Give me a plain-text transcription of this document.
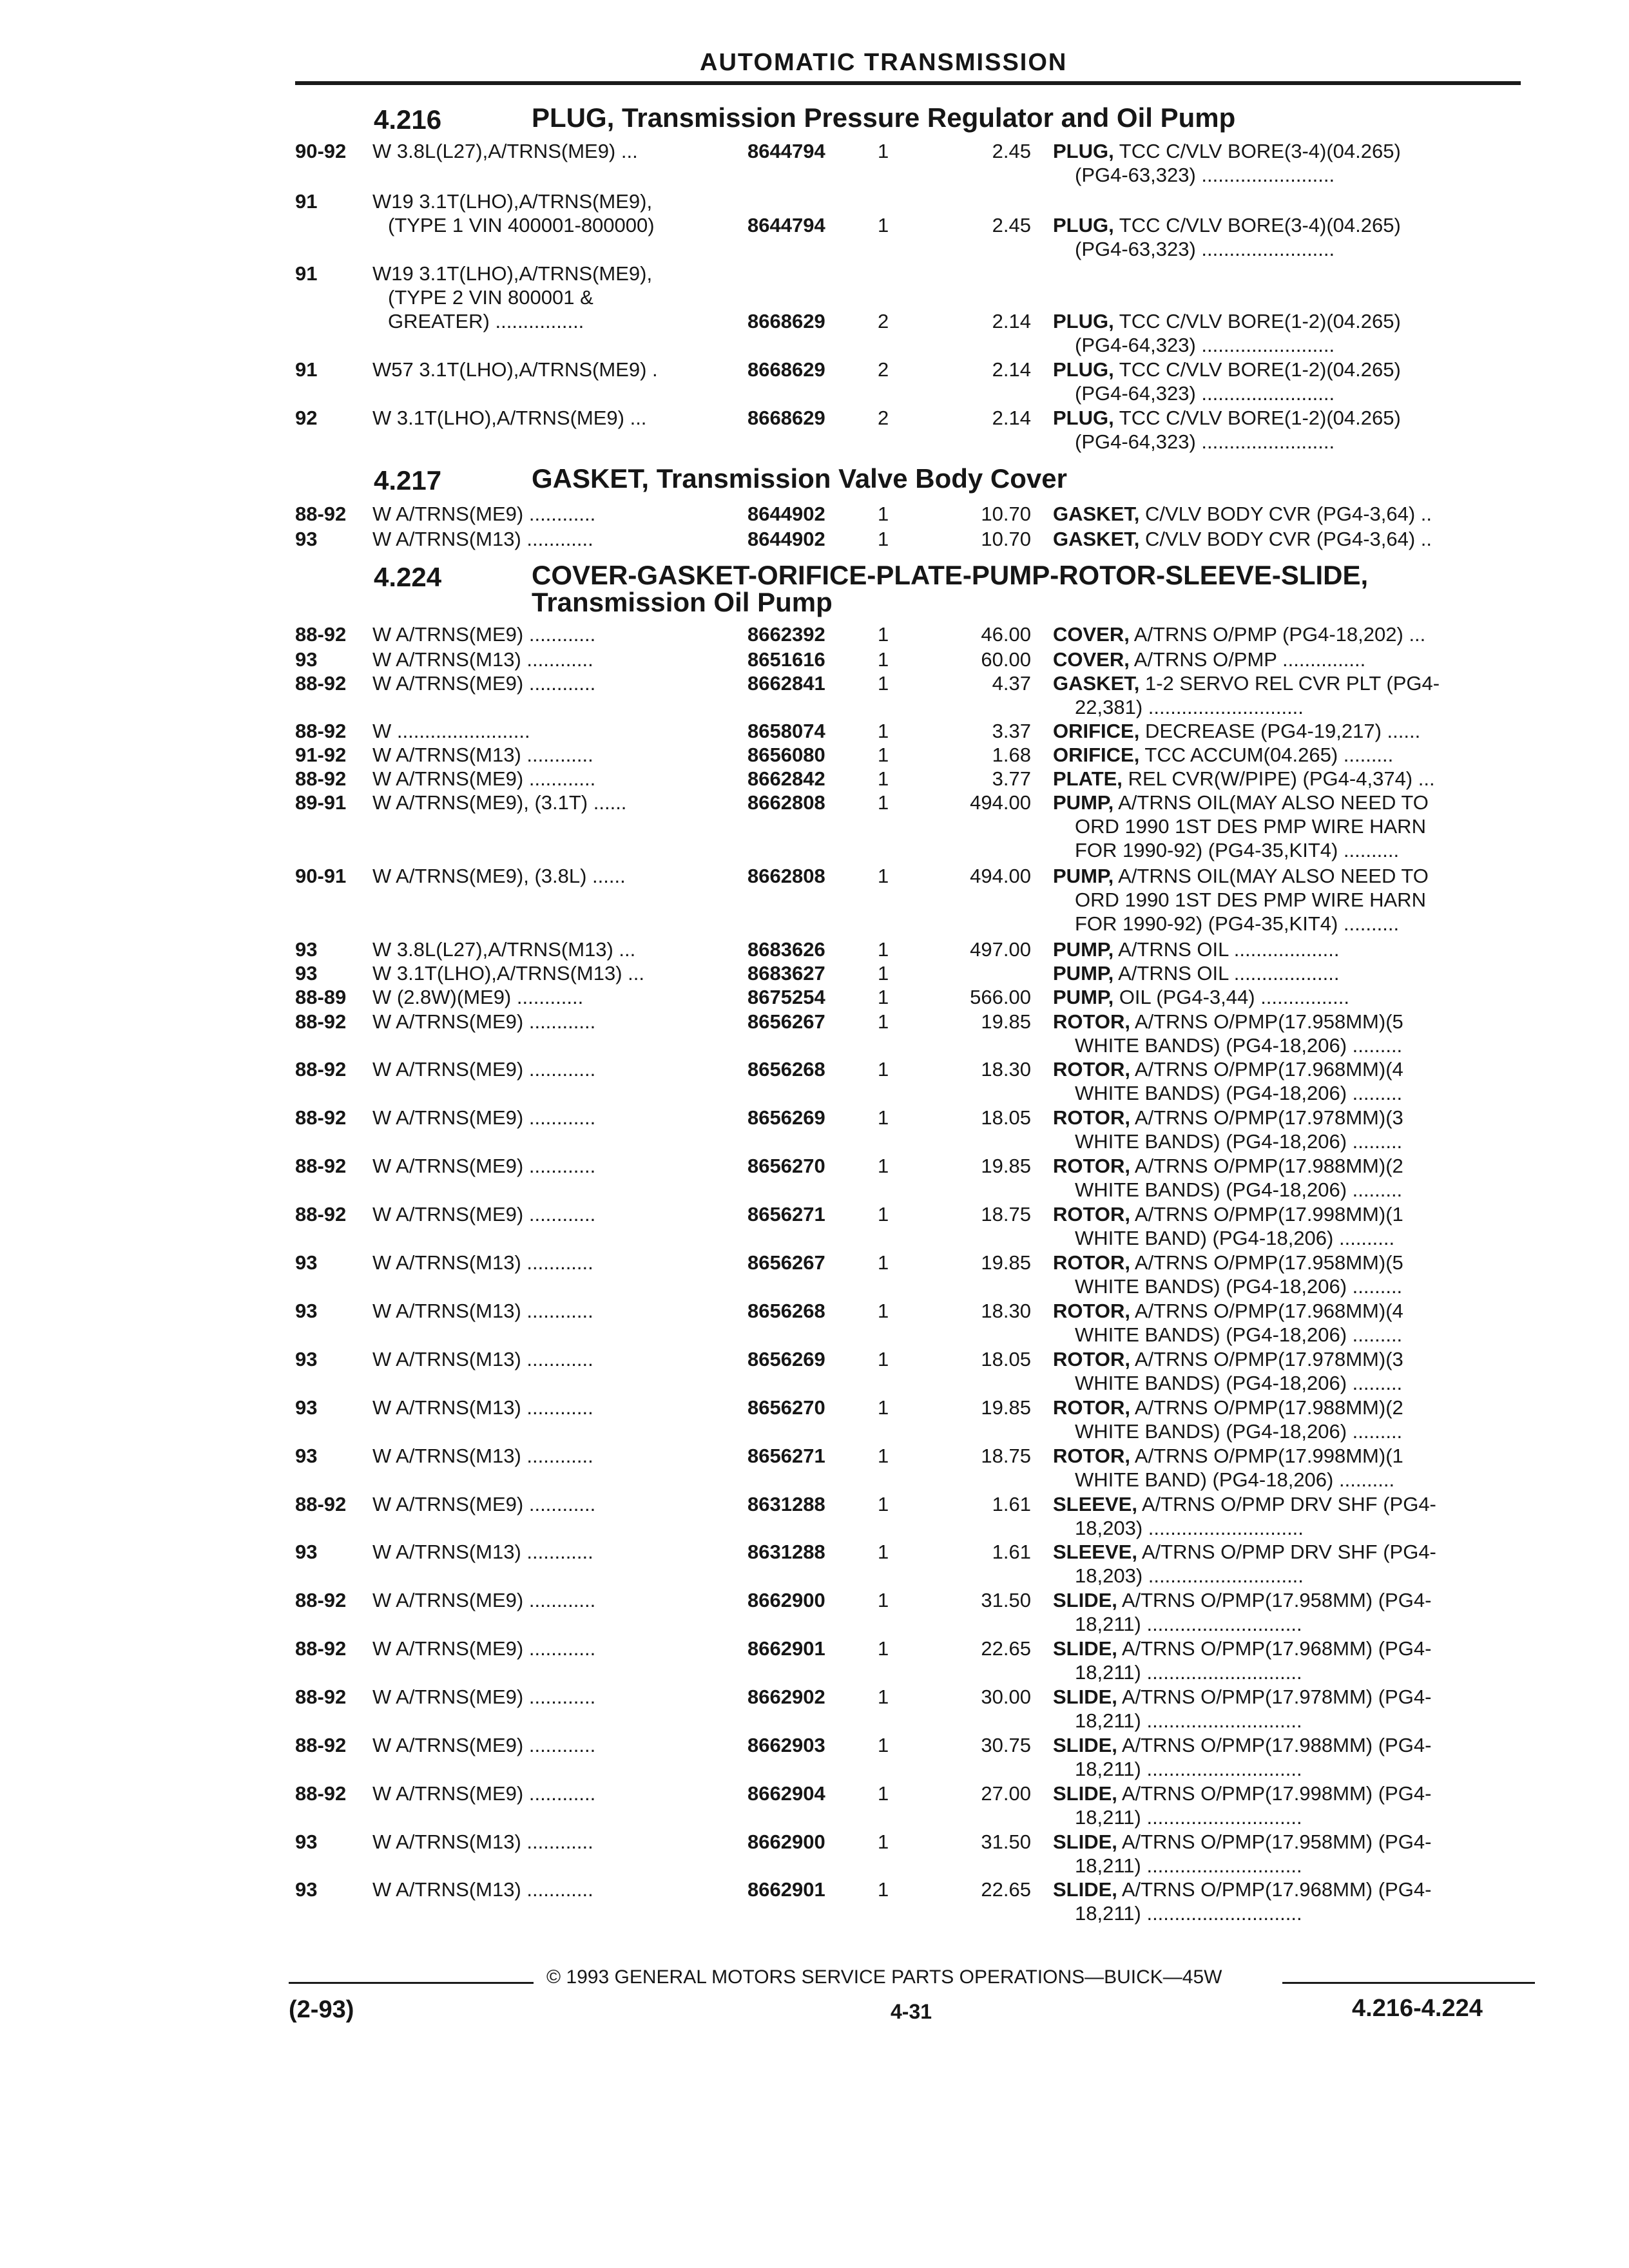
AUTOMATIC TRANSMISSION
4.216	PLUG, Transmission Pressure Regulator and Oil Pump
90-92 W 3.8L(L27),A/TRNS(ME9) ...	8644794	1	2.45 PLUG, TCC C/VLV BORE(3-4)(04.265)
(PG4-63,323) ........................
91	W19 3.1T(LHO),A/TRNS(ME9),
(TYPE 1 VIN 400001-800000)	8644794	1	2.45 PLUG, TCC C/VLV BORE(3-4)(04.265)
(PG4-63,323) ........................
91	W19 3.1T(LHO),A/TRNS(ME9),
(TYPE 2 VIN 800001 &
GREATER) ................	8668629	2	2.14 PLUG, TCC C/VLV BORE(1-2)(04.265)
(PG4-64,323) ........................
91	W57 3.1T(LHO),A/TRNS(ME9) .	8668629	2	2.14 PLUG, TCC C/VLV BORE(1-2)(04.265)
(PG4-64,323) ........................
92	W 3.1T(LHO),A/TRNS(ME9) ...	8668629	2	2.14 PLUG, TCC C/VLV BORE(1-2)(04.265)
(PG4-64,323) ........................
4.217	GASKET, Transmission Valve Body Cover
88-92 W A/TRNS(ME9) ............	8644902	1	10.70 GASKET, C/VLV BODY CVR (PG4-3,64) ..
93	W A/TRNS(M13) ............	8644902	1	10.70 GASKET, C/VLV BODY CVR (PG4-3,64) ..
4.224	COVER-GASKET-ORIFICE-PLATE-PUMP-ROTOR-SLEEVE-SLIDE,
Transmission Oil Pump
88-92 W A/TRNS(ME9) ............	8662392	1	46.00 COVER, A/TRNS O/PMP (PG4-18,202) ...
93	W A/TRNS(M13) ............	8651616	1	60.00 COVER, A/TRNS O/PMP ...............
88-92 W A/TRNS(ME9) ............	8662841	1	4.37 GASKET, 1-2 SERVO REL CVR PLT (PG4-
22,381) ............................
88-92 W ........................	8658074	1	3.37 ORIFICE, DECREASE (PG4-19,217) ......
91-92 W A/TRNS(M13) ............	8656080	1	1.68 ORIFICE, TCC ACCUM(04.265) .........
88-92 W A/TRNS(ME9) ............	8662842	1	3.77 PLATE, REL CVR(W/PIPE) (PG4-4,374) ...
89-91 W A/TRNS(ME9), (3.1T) ......	8662808	1	494.00 PUMP, A/TRNS OIL(MAY ALSO NEED TO
ORD 1990 1ST DES PMP WIRE HARN
FOR 1990-92) (PG4-35,KIT4) ..........
90-91 W A/TRNS(ME9), (3.8L) ......	8662808	1	494.00 PUMP, A/TRNS OIL(MAY ALSO NEED TO
ORD 1990 1ST DES PMP WIRE HARN
FOR 1990-92) (PG4-35,KIT4) ..........
93	W 3.8L(L27),A/TRNS(M13) ...	8683626	1	497.00 PUMP, A/TRNS OIL ...................
93	W 3.1T(LHO),A/TRNS(M13) ...	8683627	1	PUMP, A/TRNS OIL ...................
88-89 W (2.8W)(ME9) ............	8675254	1	566.00 PUMP, OIL (PG4-3,44) ................
88-92 W A/TRNS(ME9) ............	8656267	1	19.85 ROTOR, A/TRNS O/PMP(17.958MM)(5
WHITE BANDS) (PG4-18,206) .........
88-92 W A/TRNS(ME9) ............	8656268	1	18.30 ROTOR, A/TRNS O/PMP(17.968MM)(4
WHITE BANDS) (PG4-18,206) .........
88-92 W A/TRNS(ME9) ............	8656269	1	18.05 ROTOR, A/TRNS O/PMP(17.978MM)(3
WHITE BANDS) (PG4-18,206) .........
88-92 W A/TRNS(ME9) ............	8656270	1	19.85 ROTOR, A/TRNS O/PMP(17.988MM)(2
WHITE BANDS) (PG4-18,206) .........
88-92 W A/TRNS(ME9) ............	8656271	1	18.75 ROTOR, A/TRNS O/PMP(17.998MM)(1
WHITE BAND) (PG4-18,206) ..........
93	W A/TRNS(M13) ............	8656267	1	19.85 ROTOR, A/TRNS O/PMP(17.958MM)(5
WHITE BANDS) (PG4-18,206) .........
93	W A/TRNS(M13) ............	8656268	1	18.30 ROTOR, A/TRNS O/PMP(17.968MM)(4
WHITE BANDS) (PG4-18,206) .........
93	W A/TRNS(M13) ............	8656269	1	18.05 ROTOR, A/TRNS O/PMP(17.978MM)(3
WHITE BANDS) (PG4-18,206) .........
93	W A/TRNS(M13) ............	8656270	1	19.85 ROTOR, A/TRNS O/PMP(17.988MM)(2
WHITE BANDS) (PG4-18,206) .........
93	W A/TRNS(M13) ............	8656271	1	18.75 ROTOR, A/TRNS O/PMP(17.998MM)(1
WHITE BAND) (PG4-18,206) ..........
88-92 W A/TRNS(ME9) ............	8631288	1	1.61 SLEEVE, A/TRNS O/PMP DRV SHF (PG4-
18,203) ............................
93	W A/TRNS(M13) ............	8631288	1	1.61 SLEEVE, A/TRNS O/PMP DRV SHF (PG4-
18,203) ............................
88-92 W A/TRNS(ME9) ............	8662900	1	31.50 SLIDE, A/TRNS O/PMP(17.958MM) (PG4-
18,211) ............................
88-92 W A/TRNS(ME9) ............	8662901	1	22.65 SLIDE, A/TRNS O/PMP(17.968MM) (PG4-
18,211) ............................
88-92 W A/TRNS(ME9) ............	8662902	1	30.00 SLIDE, A/TRNS O/PMP(17.978MM) (PG4-
18,211) ............................
88-92 W A/TRNS(ME9) ............	8662903	1	30.75 SLIDE, A/TRNS O/PMP(17.988MM) (PG4-
18,211) ............................
88-92 W A/TRNS(ME9) ............	8662904	1	27.00 SLIDE, A/TRNS O/PMP(17.998MM) (PG4-
18,211) ............................
93	W A/TRNS(M13) ............	8662900	1	31.50 SLIDE, A/TRNS O/PMP(17.958MM) (PG4-
18,211) ............................
93	W A/TRNS(M13) ............	8662901	1	22.65 SLIDE, A/TRNS O/PMP(17.968MM) (PG4-
18,211) ............................
© 1993 GENERAL MOTORS SERVICE PARTS OPERATIONS—BUICK—45W
(2-93)	4-31	4.216-4.224
